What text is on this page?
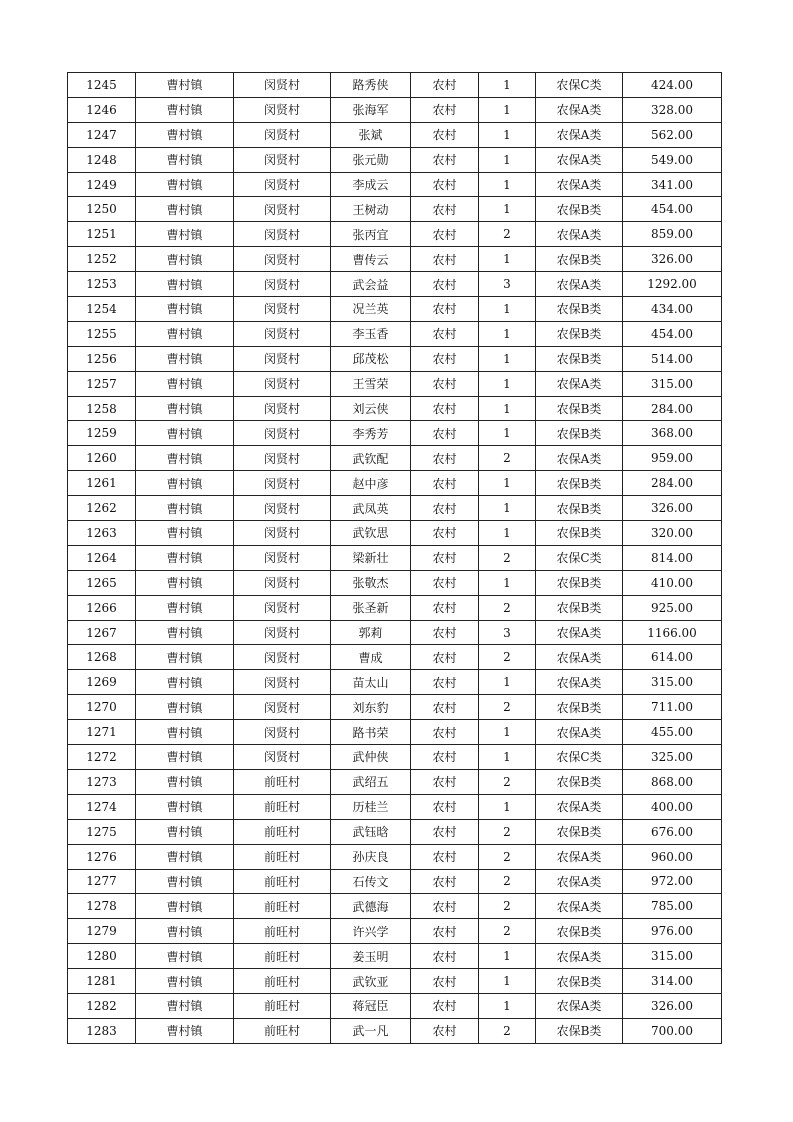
1245	曹村镇	闵贤村	路秀侠	农村	1	农保C类	424.00
1246	曹村镇	闵贤村	张海军	农村	1	农保A类	328.00
1247	曹村镇	闵贤村	张斌	农村	1	农保A类	562.00
1248	曹村镇	闵贤村	张元勋	农村	1	农保A类	549.00
1249	曹村镇	闵贤村	李成云	农村	1	农保A类	341.00
1250	曹村镇	闵贤村	王树动	农村	1	农保B类	454.00
1251	曹村镇	闵贤村	张丙宜	农村	2	农保A类	859.00
1252	曹村镇	闵贤村	曹传云	农村	1	农保B类	326.00
1253	曹村镇	闵贤村	武会益	农村	3	农保A类	1292.00
1254	曹村镇	闵贤村	况兰英	农村	1	农保B类	434.00
1255	曹村镇	闵贤村	李玉香	农村	1	农保B类	454.00
1256	曹村镇	闵贤村	邱茂松	农村	1	农保B类	514.00
1257	曹村镇	闵贤村	王雪荣	农村	1	农保A类	315.00
1258	曹村镇	闵贤村	刘云侠	农村	1	农保B类	284.00
1259	曹村镇	闵贤村	李秀芳	农村	1	农保B类	368.00
1260	曹村镇	闵贤村	武钦配	农村	2	农保A类	959.00
1261	曹村镇	闵贤村	赵中彦	农村	1	农保B类	284.00
1262	曹村镇	闵贤村	武凤英	农村	1	农保B类	326.00
1263	曹村镇	闵贤村	武钦思	农村	1	农保B类	320.00
1264	曹村镇	闵贤村	梁新壮	农村	2	农保C类	814.00
1265	曹村镇	闵贤村	张敬杰	农村	1	农保B类	410.00
1266	曹村镇	闵贤村	张圣新	农村	2	农保B类	925.00
1267	曹村镇	闵贤村	郭莉	农村	3	农保A类	1166.00
1268	曹村镇	闵贤村	曹成	农村	2	农保A类	614.00
1269	曹村镇	闵贤村	苗太山	农村	1	农保A类	315.00
1270	曹村镇	闵贤村	刘东豹	农村	2	农保B类	711.00
1271	曹村镇	闵贤村	路书荣	农村	1	农保A类	455.00
1272	曹村镇	闵贤村	武仲侠	农村	1	农保C类	325.00
1273	曹村镇	前旺村	武绍五	农村	2	农保B类	868.00
1274	曹村镇	前旺村	历桂兰	农村	1	农保A类	400.00
1275	曹村镇	前旺村	武钰晗	农村	2	农保B类	676.00
1276	曹村镇	前旺村	孙庆良	农村	2	农保A类	960.00
1277	曹村镇	前旺村	石传文	农村	2	农保A类	972.00
1278	曹村镇	前旺村	武德海	农村	2	农保A类	785.00
1279	曹村镇	前旺村	许兴学	农村	2	农保B类	976.00
1280	曹村镇	前旺村	姜玉明	农村	1	农保A类	315.00
1281	曹村镇	前旺村	武钦亚	农村	1	农保B类	314.00
1282	曹村镇	前旺村	蒋冠臣	农村	1	农保A类	326.00
1283	曹村镇	前旺村	武一凡	农村	2	农保B类	700.00
